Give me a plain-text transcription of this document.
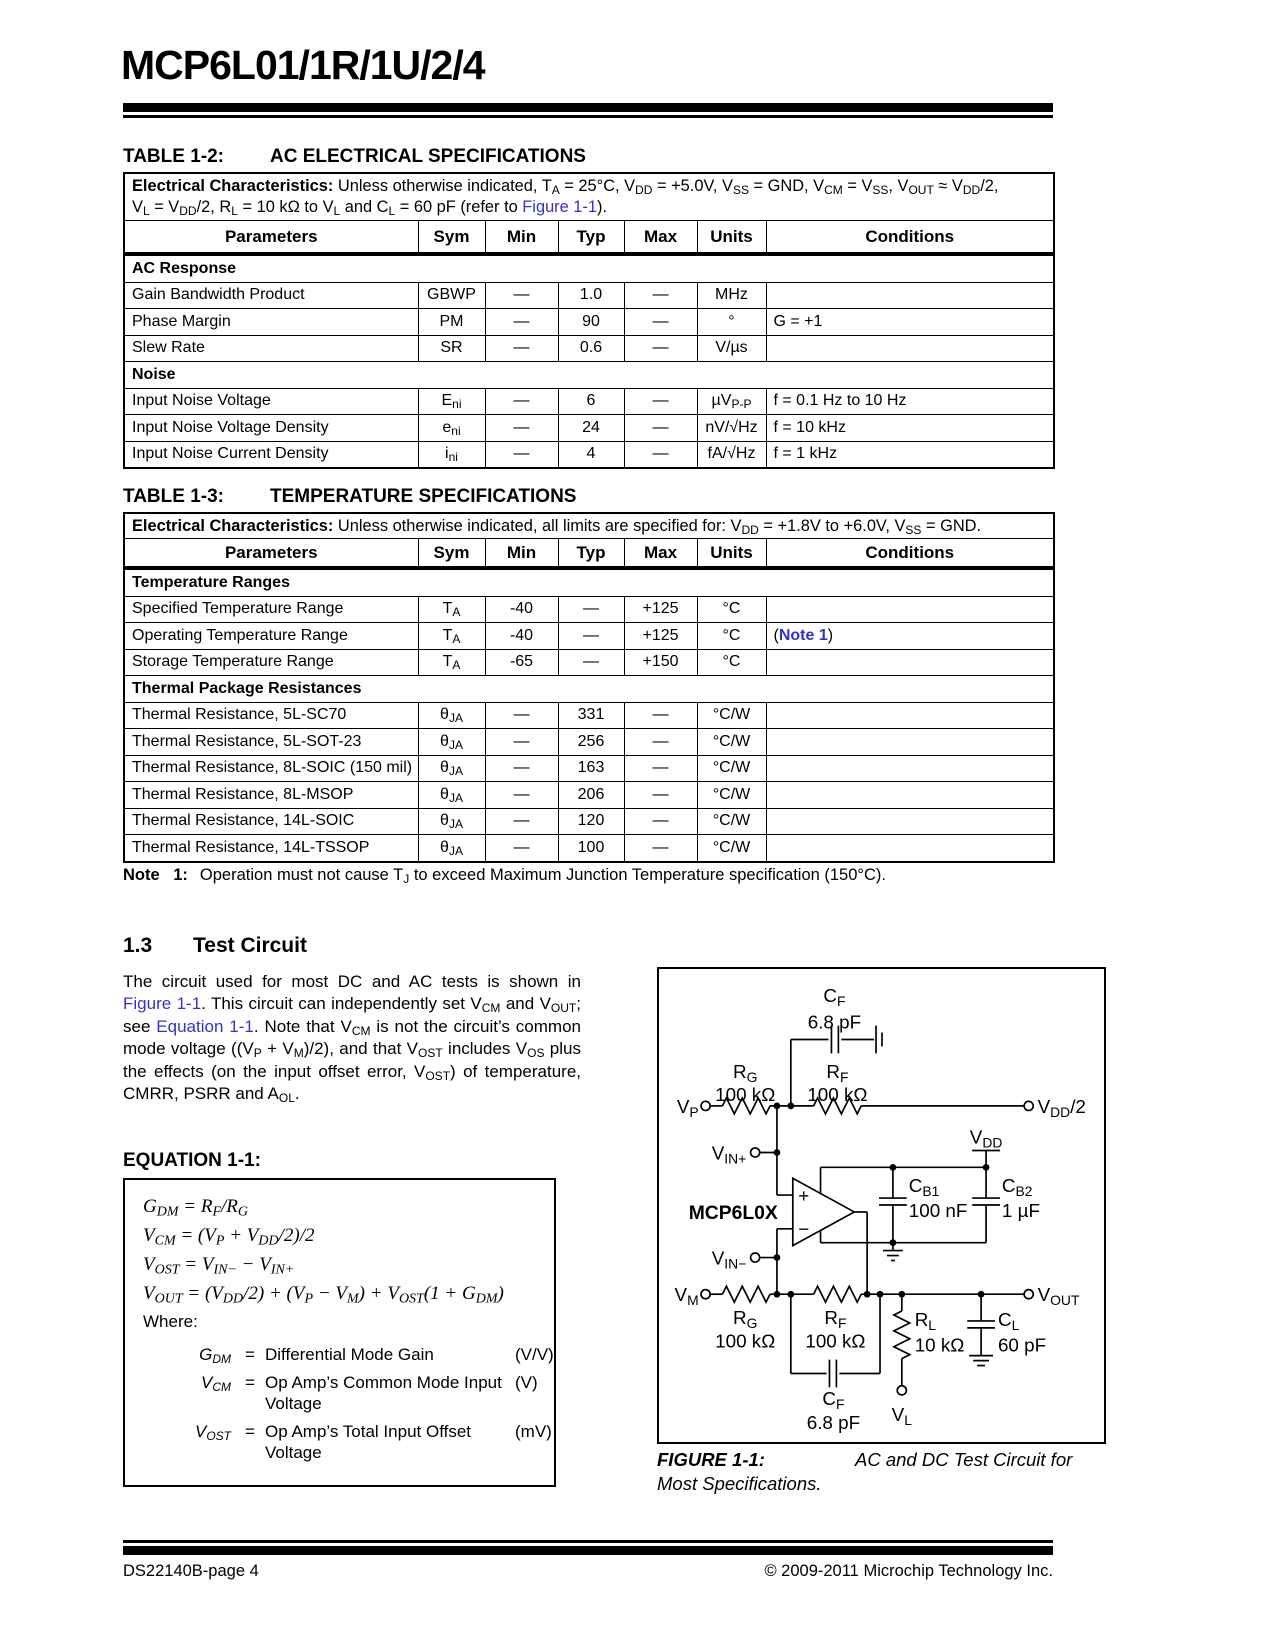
MCP6L01/1R/1U/2/4
TABLE 1-2: AC ELECTRICAL SPECIFICATIONS
Electrical Characteristics: Unless otherwise indicated, $T_A = 25^\circ C$, $V_{DD} = +5.0V$, $V_{SS}$ = GND, $V_{CM} = V_{SS}$, $V_{OUT} \approx V_{DD}/2$,
$V_L = V_{DD}/2$, $R_L = 10$ kΩ to $V_L$ and $C_L = 60$ pF (refer to Figure 1-1).						

Parameters	Sym	Min	Typ	Max	Units	Conditions
AC Response						
Gain Bandwidth Product	GBWP	—	1.0	—	MHz	
Phase Margin	PM	—	90	—	°	G = +1
Slew Rate	SR	—	0.6	—	V/µs	
Noise						
Input Noise Voltage	$E_{ni}$	—	6	—	µV$_{P-P}$	f = 0.1 Hz to 10 Hz
Input Noise Voltage Density	$e_{ni}$	—	24	—	nV/√Hz	f = 10 kHz
Input Noise Current Density	$i_{ni}$	—	4	—	fA/√Hz	f = 1 kHz
TABLE 1-3: TEMPERATURE SPECIFICATIONS
Electrical Characteristics: Unless otherwise indicated, all limits are specified for: $V_{DD} = +1.8V$ to +6.0V, $V_{SS}$ = GND.						

Parameters	Sym	Min	Typ	Max	Units	Conditions
Temperature Ranges						
Specified Temperature Range	$T_A$	-40	—	+125	°C	
Operating Temperature Range	$T_A$	-40	—	+125	°C	(Note 1)
Storage Temperature Range	$T_A$	-65	—	+150	°C	
Thermal Package Resistances						
Thermal Resistance, 5L-SC70	$\theta_{JA}$	—	331	—	°C/W	
Thermal Resistance, 5L-SOT-23	$\theta_{JA}$	—	256	—	°C/W	
Thermal Resistance, 8L-SOIC (150 mil)	$\theta_{JA}$	—	163	—	°C/W	
Thermal Resistance, 8L-MSOP	$\theta_{JA}$	—	206	—	°C/W	
Thermal Resistance, 14L-SOIC	$\theta_{JA}$	—	120	—	°C/W	
Thermal Resistance, 14L-TSSOP	$\theta_{JA}$	—	100	—	°C/W	
Note 1: Operation must not cause $T_J$ to exceed Maximum Junction Temperature specification (150°C).
1.3 Test Circuit
The circuit used for most DC and AC tests is shown in Figure 1-1. This circuit can independently set $V_{CM}$ and $V_{OUT}$; see Equation 1-1. Note that $V_{CM}$ is not the circuit’s common mode voltage $((V_P + V_M)/2)$, and that $V_{OST}$ includes $V_{OS}$ plus the effects (on the input offset error, $V_{OST}$) of temperature, CMRR, PSRR and $A_{OL}$.
EQUATION 1-1:
$G_{DM} = R_F/R_G$
$V_{CM} = (V_P + V_{DD}/2)/2$
$V_{OST} = V_{IN-} - V_{IN+}$
$V_{OUT} = (V_{DD}/2) + (V_P - V_M) + V_{OST}(1 + G_{DM})$
Where:
$G_{DM}$ = Differential Mode Gain	(V/V)
$V_{CM} = Op$ Amp’s Common Mode Input Voltage
(V)
$V_{OST} = Op$ Amp’s Total Input Offset Voltage
(mV)
$C_F$
6.8 pF
$R_G$
100 kΩ
$R_F$
100 kΩ
$V_P$	$V_{DD}/2$
$V_{IN+}$
$V_{IN-}$
MCP6L0X
+
−
$V_{DD}$
$C_{B1}$
100 nF
$C_{B2}$
1 µF
$V_M$
$R_G$
100 kΩ
$R_F$
100 kΩ
$C_F$
6.8 pF
$R_L$
10 kΩ
$C_L$
60 pF
$V_{OUT}$
$V_L$
FIGURE 1-1:	AC and DC Test Circuit for Most Specifications.
DS22140B-page 4	© 2009-2011 Microchip Technology Inc.
